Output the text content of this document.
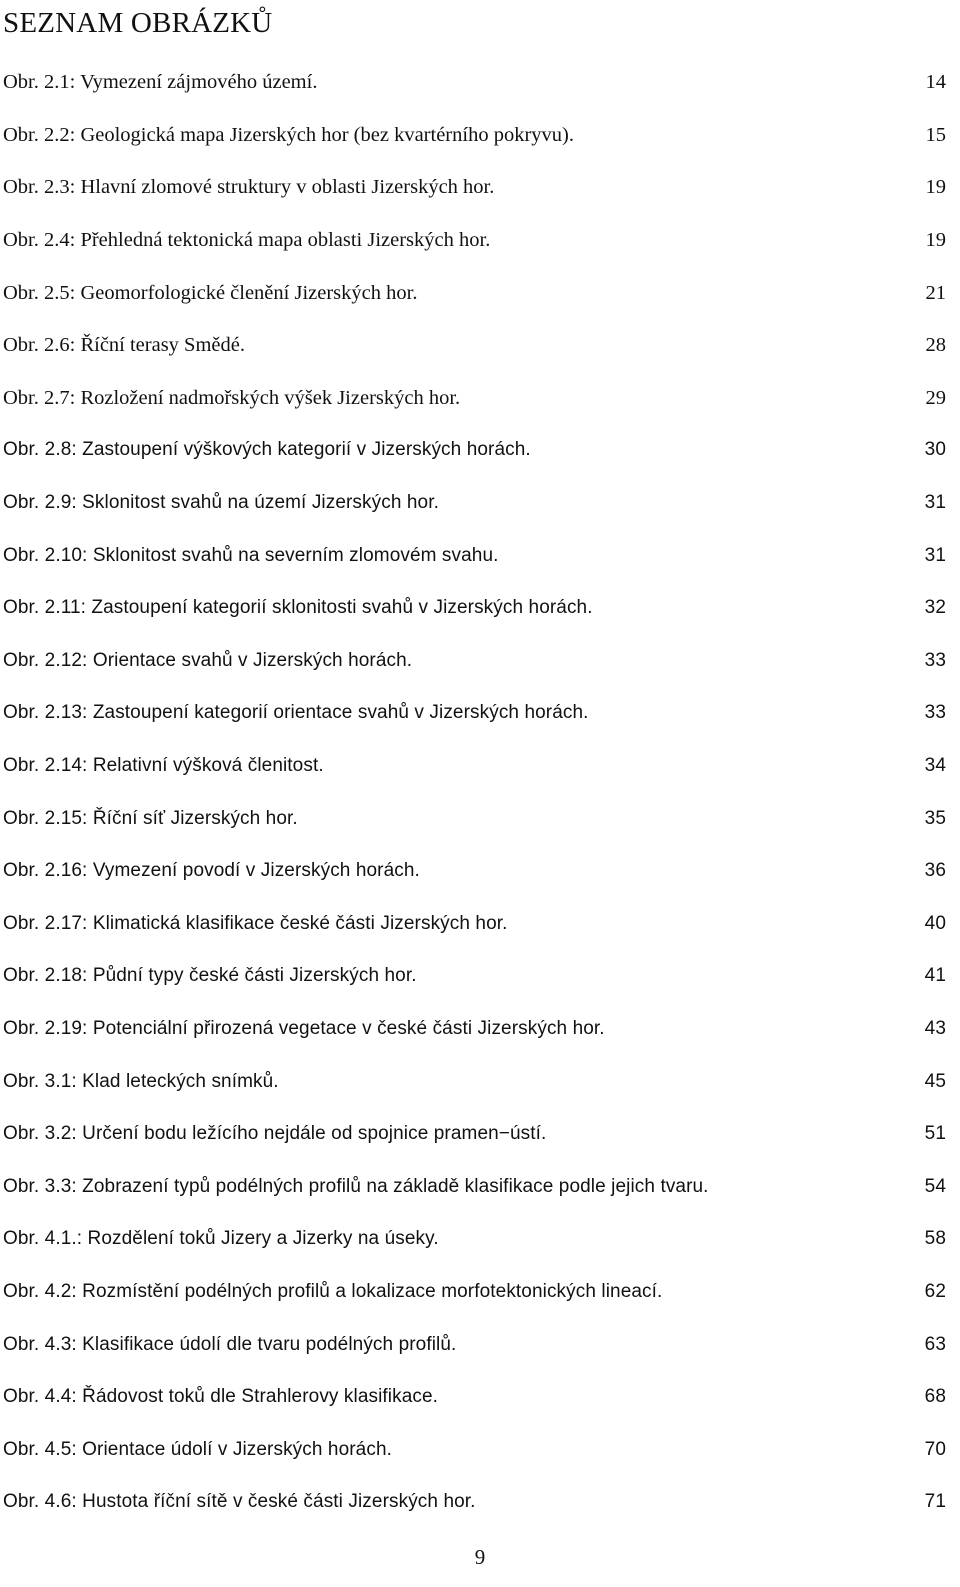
SEZNAM OBRÁZKŮ
Obr. 2.1: Vymezení zájmového území.	14
Obr. 2.2: Geologická mapa Jizerských hor (bez kvartérního pokryvu).	15
Obr. 2.3: Hlavní zlomové struktury v oblasti Jizerských hor.	19
Obr. 2.4: Přehledná tektonická mapa oblasti Jizerských hor.	19
Obr. 2.5: Geomorfologické členění Jizerských hor.	21
Obr. 2.6: Říční terasy Smědé.	28
Obr. 2.7: Rozložení nadmořských výšek Jizerských hor.	29
Obr. 2.8: Zastoupení výškových kategorií v Jizerských horách.	30
Obr. 2.9: Sklonitost svahů na území Jizerských hor.	31
Obr. 2.10: Sklonitost svahů na severním zlomovém svahu.	31
Obr. 2.11: Zastoupení kategorií sklonitosti svahů v Jizerských horách.	32
Obr. 2.12: Orientace svahů v Jizerských horách.	33
Obr. 2.13: Zastoupení kategorií orientace svahů v Jizerských horách.	33
Obr. 2.14: Relativní výšková členitost.	34
Obr. 2.15: Říční síť Jizerských hor.	35
Obr. 2.16: Vymezení povodí v Jizerských horách.	36
Obr. 2.17: Klimatická klasifikace české části Jizerských hor.	40
Obr. 2.18: Půdní typy české části Jizerských hor.	41
Obr. 2.19: Potenciální přirozená vegetace v české části Jizerských hor.	43
Obr. 3.1: Klad leteckých snímků.	45
Obr. 3.2: Určení bodu ležícího nejdále od spojnice pramen−ústí.	51
Obr. 3.3: Zobrazení typů podélných profilů na základě klasifikace podle jejich tvaru.	54
Obr. 4.1.: Rozdělení toků Jizery a Jizerky na úseky.	58
Obr. 4.2: Rozmístění podélných profilů a lokalizace morfotektonických lineací.	62
Obr. 4.3: Klasifikace údolí dle tvaru podélných profilů.	63
Obr. 4.4: Řádovost toků dle Strahlerovy klasifikace.	68
Obr. 4.5: Orientace údolí v Jizerských horách.	70
Obr. 4.6: Hustota říční sítě v české části Jizerských hor.	71
9
